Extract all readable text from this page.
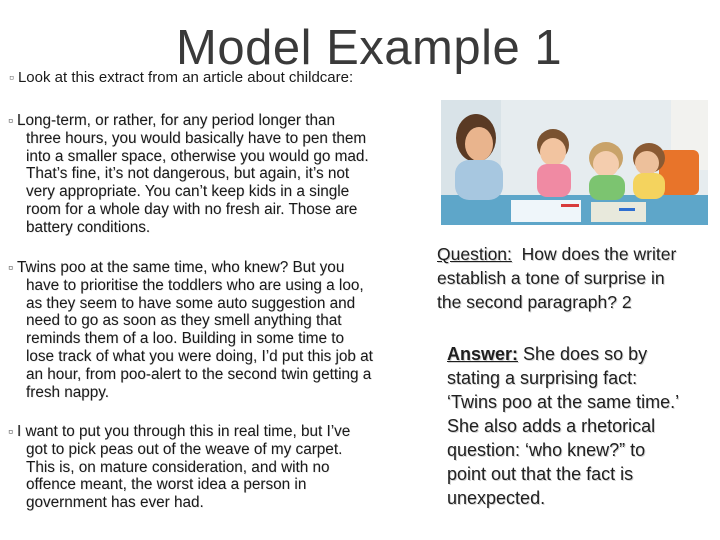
Model Example 1
▫ Look at this extract from an article about childcare:
▫ Long-term, or rather, for any period longer than
three hours, you would basically have to pen them
into a smaller space, otherwise you would go mad.
That’s fine, it’s not dangerous, but again, it’s not
very appropriate. You can’t keep kids in a single
room for a whole day with no fresh air. Those are
battery conditions.
▫ Twins poo at the same time, who knew? But you
have to prioritise the toddlers who are using a loo,
as they seem to have some auto suggestion and
need to go as soon as they smell anything that
reminds them of a loo. Building in some time to
lose track of what you were doing, I’d put this job at
an hour, from poo-alert to the second twin getting a
fresh nappy.
▫ I want to put you through this in real time, but I’ve
got to pick peas out of the weave of my carpet.
This is, on mature consideration, and with no
offence meant, the worst idea a person in
government has ever had.
Question:  How does the writer
establish a tone of surprise in
the second paragraph? 2
Answer: She does so by
stating a surprising fact:
‘Twins poo at the same time.’
She also adds a rhetorical
question: ‘who knew?” to
point out that the fact is
unexpected.
